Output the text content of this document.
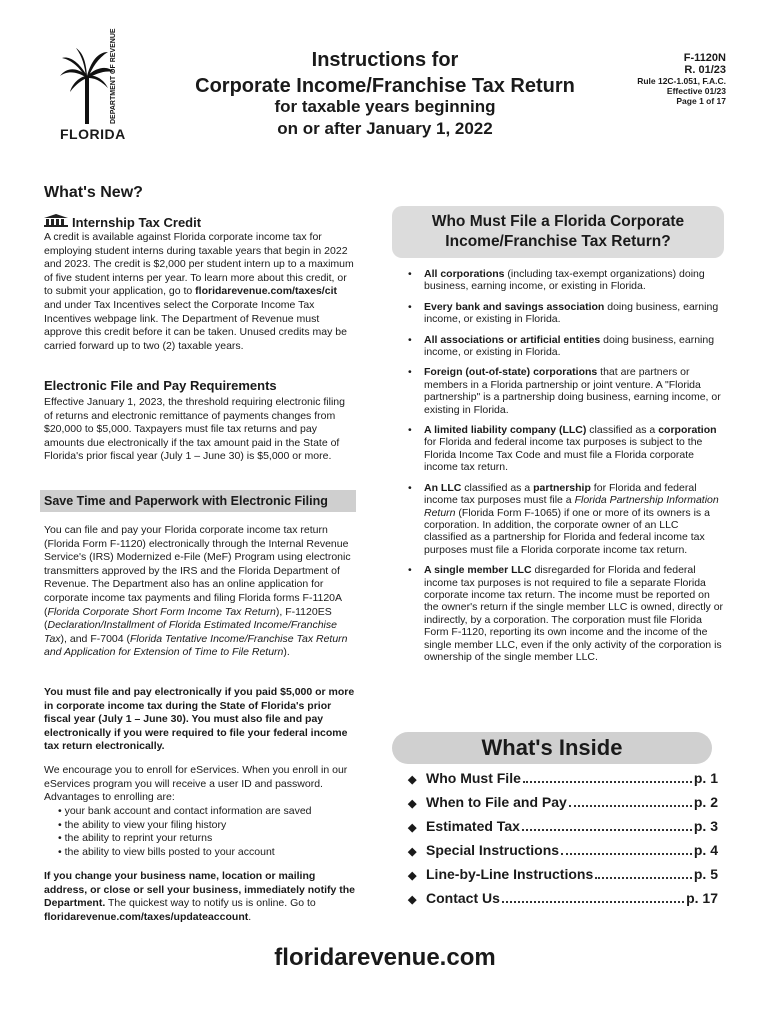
DEPARTMENT OF REVENUE
FLORIDA
Instructions for
Corporate Income/Franchise Tax Return
for taxable years beginning
on or after January 1, 2022
F-1120N
R. 01/23
Rule 12C-1.051, F.A.C.
Effective 01/23
Page 1 of 17
What's New?
Internship Tax Credit
A credit is available against Florida corporate income tax for employing student interns during taxable years that begin in 2022 and 2023. The credit is $2,000 per student intern up to a maximum of five student interns per year. To learn more about this credit, or to submit your application, go to floridarevenue.com/taxes/cit and under Tax Incentives select the Corporate Income Tax Incentives webpage link. The Department of Revenue must approve this credit before it can be taken. Unused credits may be carried forward up to two (2) taxable years.
Electronic File and Pay Requirements
Effective January 1, 2023, the threshold requiring electronic filing of returns and electronic remittance of payments changes from $20,000 to $5,000. Taxpayers must file tax returns and pay amounts due electronically if the tax amount paid in the State of Florida's prior fiscal year (July 1 – June 30) is $5,000 or more.
Save Time and Paperwork with Electronic Filing
You can file and pay your Florida corporate income tax return (Florida Form F-1120) electronically through the Internal Revenue Service's (IRS) Modernized e-File (MeF) Program using electronic transmitters approved by the IRS and the Florida Department of Revenue. The Department also has an online application for corporate income tax payments and filing Florida forms F-1120A (Florida Corporate Short Form Income Tax Return), F-1120ES (Declaration/Installment of Florida Estimated Income/Franchise Tax), and F-7004 (Florida Tentative Income/Franchise Tax Return and Application for Extension of Time to File Return).
You must file and pay electronically if you paid $5,000 or more in corporate income tax during the State of Florida's prior fiscal year (July 1 – June 30). You must also file and pay electronically if you were required to file your federal income tax return electronically.
We encourage you to enroll for eServices. When you enroll in our eServices program you will receive a user ID and password. Advantages to enrolling are:
• your bank account and contact information are saved
• the ability to view your filing history
• the ability to reprint your returns
• the ability to view bills posted to your account
If you change your business name, location or mailing address, or close or sell your business, immediately notify the Department. The quickest way to notify us is online. Go to floridarevenue.com/taxes/updateaccount.
Who Must File a Florida Corporate
Income/Franchise Tax Return?
• All corporations (including tax-exempt organizations) doing business, earning income, or existing in Florida.
• Every bank and savings association doing business, earning income, or existing in Florida.
• All associations or artificial entities doing business, earning income, or existing in Florida.
• Foreign (out-of-state) corporations that are partners or members in a Florida partnership or joint venture. A "Florida partnership" is a partnership doing business, earning income, or existing in Florida.
• A limited liability company (LLC) classified as a corporation for Florida and federal income tax purposes is subject to the Florida Income Tax Code and must file a Florida corporate income tax return.
• An LLC classified as a partnership for Florida and federal income tax purposes must file a Florida Partnership Information Return (Florida Form F-1065) if one or more of its owners is a corporation. In addition, the corporate owner of an LLC classified as a partnership for Florida and federal income tax purposes must file a Florida corporate income tax return.
• A single member LLC disregarded for Florida and federal income tax purposes is not required to file a separate Florida corporate income tax return. The income must be reported on the owner's return if the single member LLC is owned, directly or indirectly, by a corporation. The corporation must file Florida Form F-1120, reporting its own income and the income of the single member LLC, even if the only activity of the corporation is ownership of the single member LLC.
What's Inside
◆ Who Must File	p. 1
◆ When to File and Pay	p. 2
◆ Estimated Tax	p. 3
◆ Special Instructions	p. 4
◆ Line-by-Line Instructions	p. 5
◆ Contact Us	p. 17
floridarevenue.com
